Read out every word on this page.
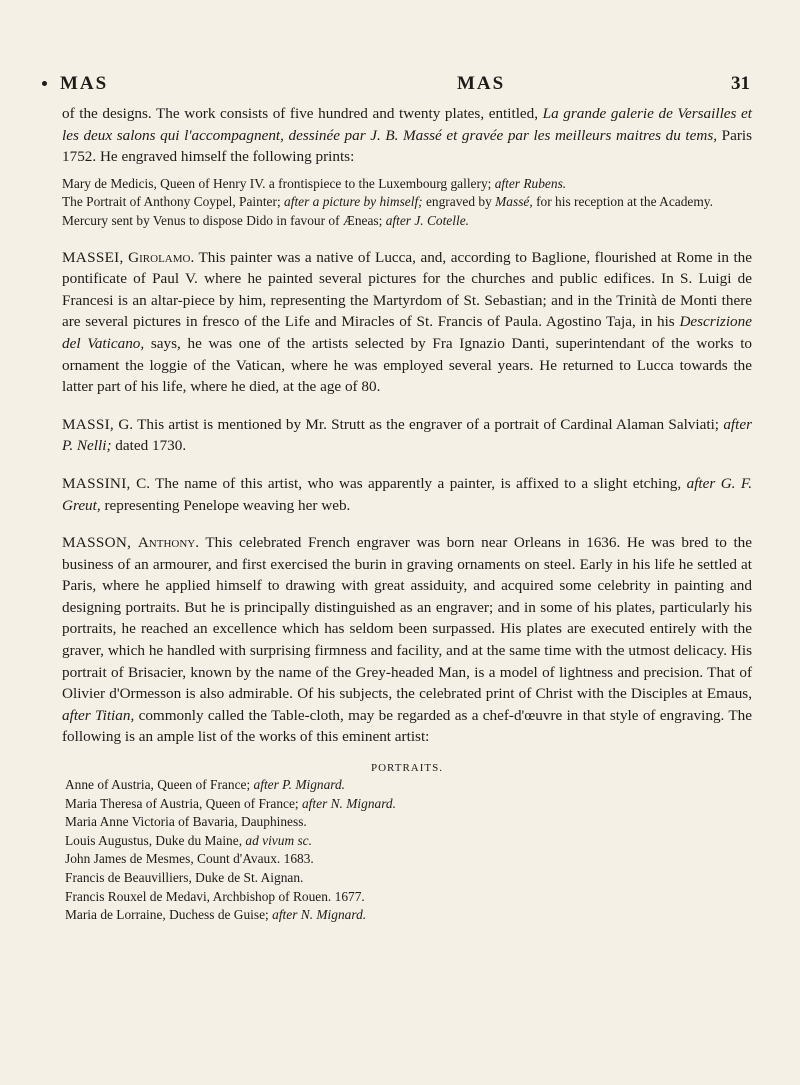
MAS	MAS	31

of the designs. The work consists of five hundred and twenty plates, entitled, La grande galerie de Versailles et les deux salons qui l'accompagnent, dessinée par J. B. Massé et gravée par les meilleurs maitres du tems, Paris 1752. He engraved himself the following prints:

Mary de Medicis, Queen of Henry IV. a frontispiece to the Luxembourg gallery; after Rubens.

The Portrait of Anthony Coypel, Painter; after a picture by himself; engraved by Massé, for his reception at the Academy.

Mercury sent by Venus to dispose Dido in favour of Æneas; after J. Cotelle.

MASSEI, Girolamo. This painter was a native of Lucca, and, according to Baglione, flourished at Rome in the pontificate of Paul V. where he painted several pictures for the churches and public edifices. In S. Luigi de Francesi is an altar-piece by him, representing the Martyrdom of St. Sebastian; and in the Trinità de Monti there are several pictures in fresco of the Life and Miracles of St. Francis of Paula. Agostino Taja, in his Descrizione del Vaticano, says, he was one of the artists selected by Fra Ignazio Danti, superintendant of the works to ornament the loggie of the Vatican, where he was employed several years. He returned to Lucca towards the latter part of his life, where he died, at the age of 80.

MASSI, G. This artist is mentioned by Mr. Strutt as the engraver of a portrait of Cardinal Alaman Salviati; after P. Nelli; dated 1730.

MASSINI, C. The name of this artist, who was apparently a painter, is affixed to a slight etching, after G. F. Greut, representing Penelope weaving her web.

MASSON, Anthony. This celebrated French engraver was born near Orleans in 1636. He was bred to the business of an armourer, and first exercised the burin in graving ornaments on steel. Early in his life he settled at Paris, where he applied himself to drawing with great assiduity, and acquired some celebrity in painting and designing portraits. But he is principally distinguished as an engraver; and in some of his plates, particularly his portraits, he reached an excellence which has seldom been surpassed. His plates are executed entirely with the graver, which he handled with surprising firmness and facility, and at the same time with the utmost delicacy. His portrait of Brisacier, known by the name of the Grey-headed Man, is a model of lightness and precision. That of Olivier d'Ormesson is also admirable. Of his subjects, the celebrated print of Christ with the Disciples at Emaus, after Titian, commonly called the Table-cloth, may be regarded as a chef-d'œuvre in that style of engraving. The following is an ample list of the works of this eminent artist:

PORTRAITS.

Anne of Austria, Queen of France; after P. Mignard.

Maria Theresa of Austria, Queen of France; after N. Mignard.

Maria Anne Victoria of Bavaria, Dauphiness.

Louis Augustus, Duke du Maine, ad vivum sc.

John James de Mesmes, Count d'Avaux. 1683.

Francis de Beauvilliers, Duke de St. Aignan.

Francis Rouxel de Medavi, Archbishop of Rouen. 1677.

Maria de Lorraine, Duchess de Guise; after N. Mignard.
